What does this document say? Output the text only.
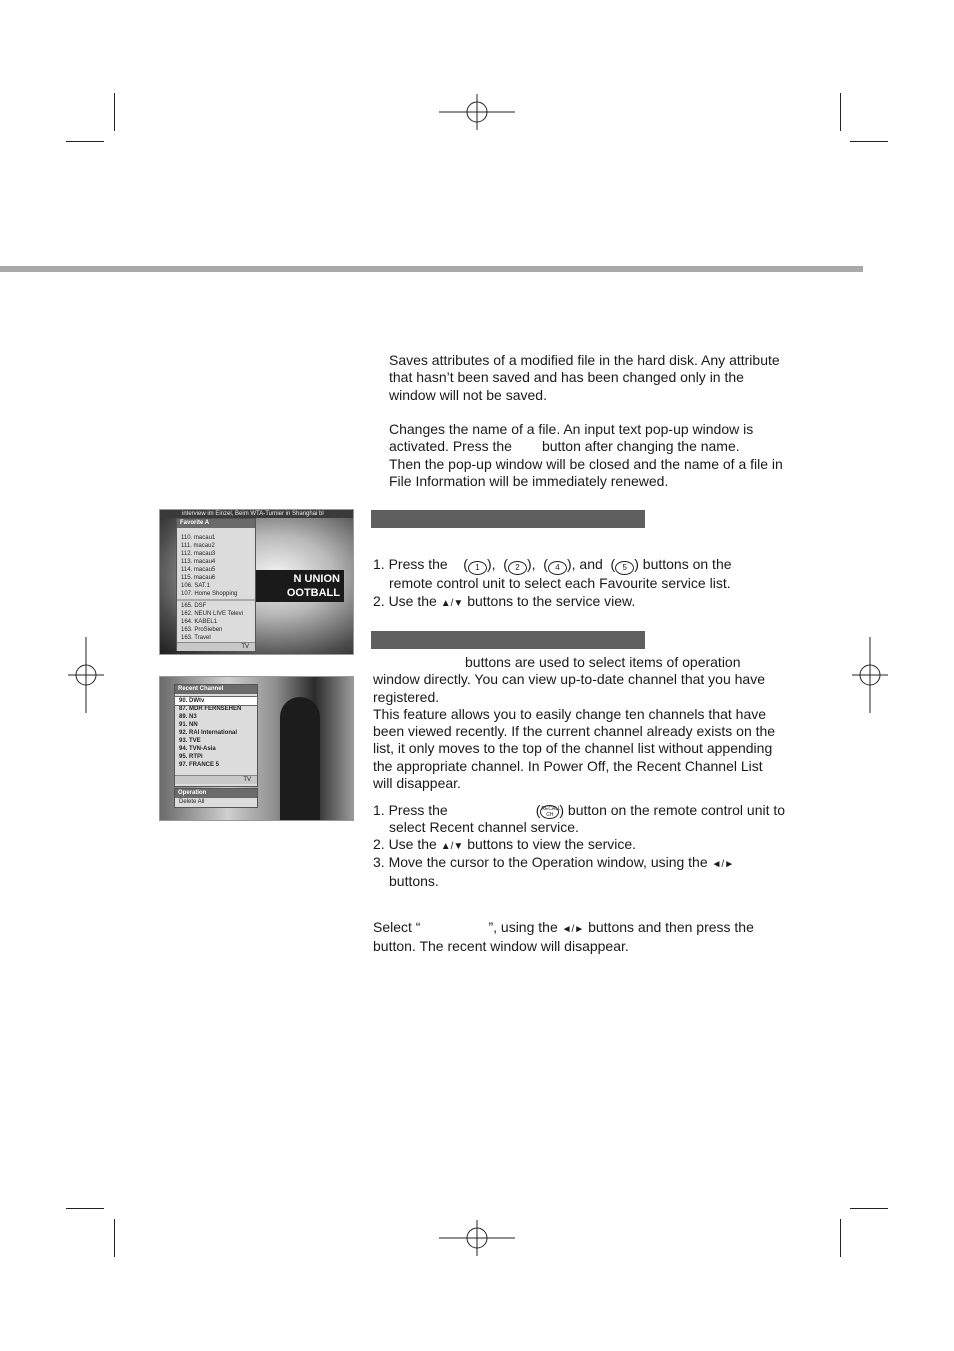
Saves attributes of a modified file in the hard disk. Any attribute

that hasn’t been saved and has been changed only in the

window will not be saved.

Changes the name of a file. An input text pop-up window is

activated. Press the button after changing the name.

Then the pop-up window will be closed and the name of a file in

File Information will be immediately renewed.

interview im Einzel, Beim WTA-Turnier in Shanghai bl
N UNION
OOTBALL
Favorite A
110. macau1
111. macau2
112. macau3
113. macau4
114. macau5
115. macau6
106. SAT.1
107. Home Shopping
165. DSF
162. NEUN LIVE Televi
164. KABEL1
163. ProSieben
163. Travel
TV

1. Press the    ( 1 ),  ( 2 ),  ( 4 ), and  ( 5 ) buttons on the

remote control unit to select each Favourite service list.

2. Use the ▲/▼ buttons to the service view.

Recent Channel
90. DWtv
87. MDR FERNSEHEN
89. N3
91. NN
92. RAI International
93. TVE
94. TVN-Asia
95. RTPi
97. FRANCE 5
TV
Operation
Delete All

buttons are used to select items of operation

window directly. You can view up-to-date channel that you have

registered.

This feature allows you to easily change ten channels that have

been viewed recently. If the current channel already exists on the

list, it only moves to the top of the channel list without appending

the appropriate channel. In Power Off, the Recent Channel List

will disappear.

1. Press the	(RECALL CH ) button on the remote control unit to

select Recent channel service.

2. Use the ▲/▼ buttons to view the service.

3. Move the cursor to the Operation window, using the ◄/►

buttons.

Select “	”, using the ◄/► buttons and then press the

button. The recent window will disappear.
